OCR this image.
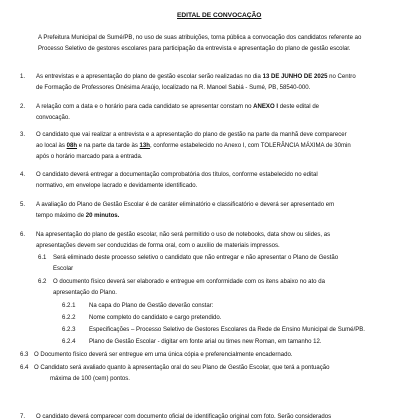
EDITAL DE CONVOCAÇÃO
A Prefeitura Municipal de Sumé/PB, no uso de suas atribuições, torna pública a convocação dos candidatos referente ao
Processo Seletivo de gestores escolares para participação da entrevista e apresentação do plano de gestão escolar.
1. As entrevistas e a apresentação do plano de gestão escolar serão realizadas no dia 13 DE JUNHO DE 2025 no Centro
de Formação de Professores Onésima Araújo, localizado na R. Manoel Sabiá - Sumé, PB, 58540-000.
2. A relação com a data e o horário para cada candidato se apresentar constam no ANEXO I deste edital de
convocação.
3. O candidato que vai realizar a entrevista e a apresentação do plano de gestão na parte da manhã deve comparecer
ao local às 08h e na parte da tarde às 13h, conforme estabelecido no Anexo I, com TOLERÂNCIA MÁXIMA de 30min
após o horário marcado para a entrada.
4. O candidato deverá entregar a documentação comprobatória dos títulos, conforme estabelecido no edital
normativo, em envelope lacrado e devidamente identificado.
5. A avaliação do Plano de Gestão Escolar é de caráter eliminatório e classificatório e deverá ser apresentado em
tempo máximo de 20 minutos.
6. Na apresentação do plano de gestão escolar, não será permitido o uso de notebooks, data show ou slides, as
apresentações devem ser conduzidas de forma oral, com o auxílio de materiais impressos.
6.1 Será eliminado deste processo seletivo o candidato que não entregar e não apresentar o Plano de Gestão
Escolar
6.2 O documento físico deverá ser elaborado e entregue em conformidade com os itens abaixo no ato da
apresentação do Plano.
6.2.1 Na capa do Plano de Gestão deverão constar:
6.2.2 Nome completo do candidato e cargo pretendido.
6.2.3 Especificações – Processo Seletivo de Gestores Escolares da Rede de Ensino Municipal de Sumé/PB.
6.2.4 Plano de Gestão Escolar - digitar em fonte arial ou times new Roman, em tamanho 12.
6.3 O Documento físico deverá ser entregue em uma única cópia e preferencialmente encadernado.
6.4 O Candidato será avaliado quanto à apresentação oral do seu Plano de Gestão Escolar, que terá a pontuação
máxima de 100 (cem) pontos.
7. O candidato deverá comparecer com documento oficial de identificação original com foto. Serão considerados
